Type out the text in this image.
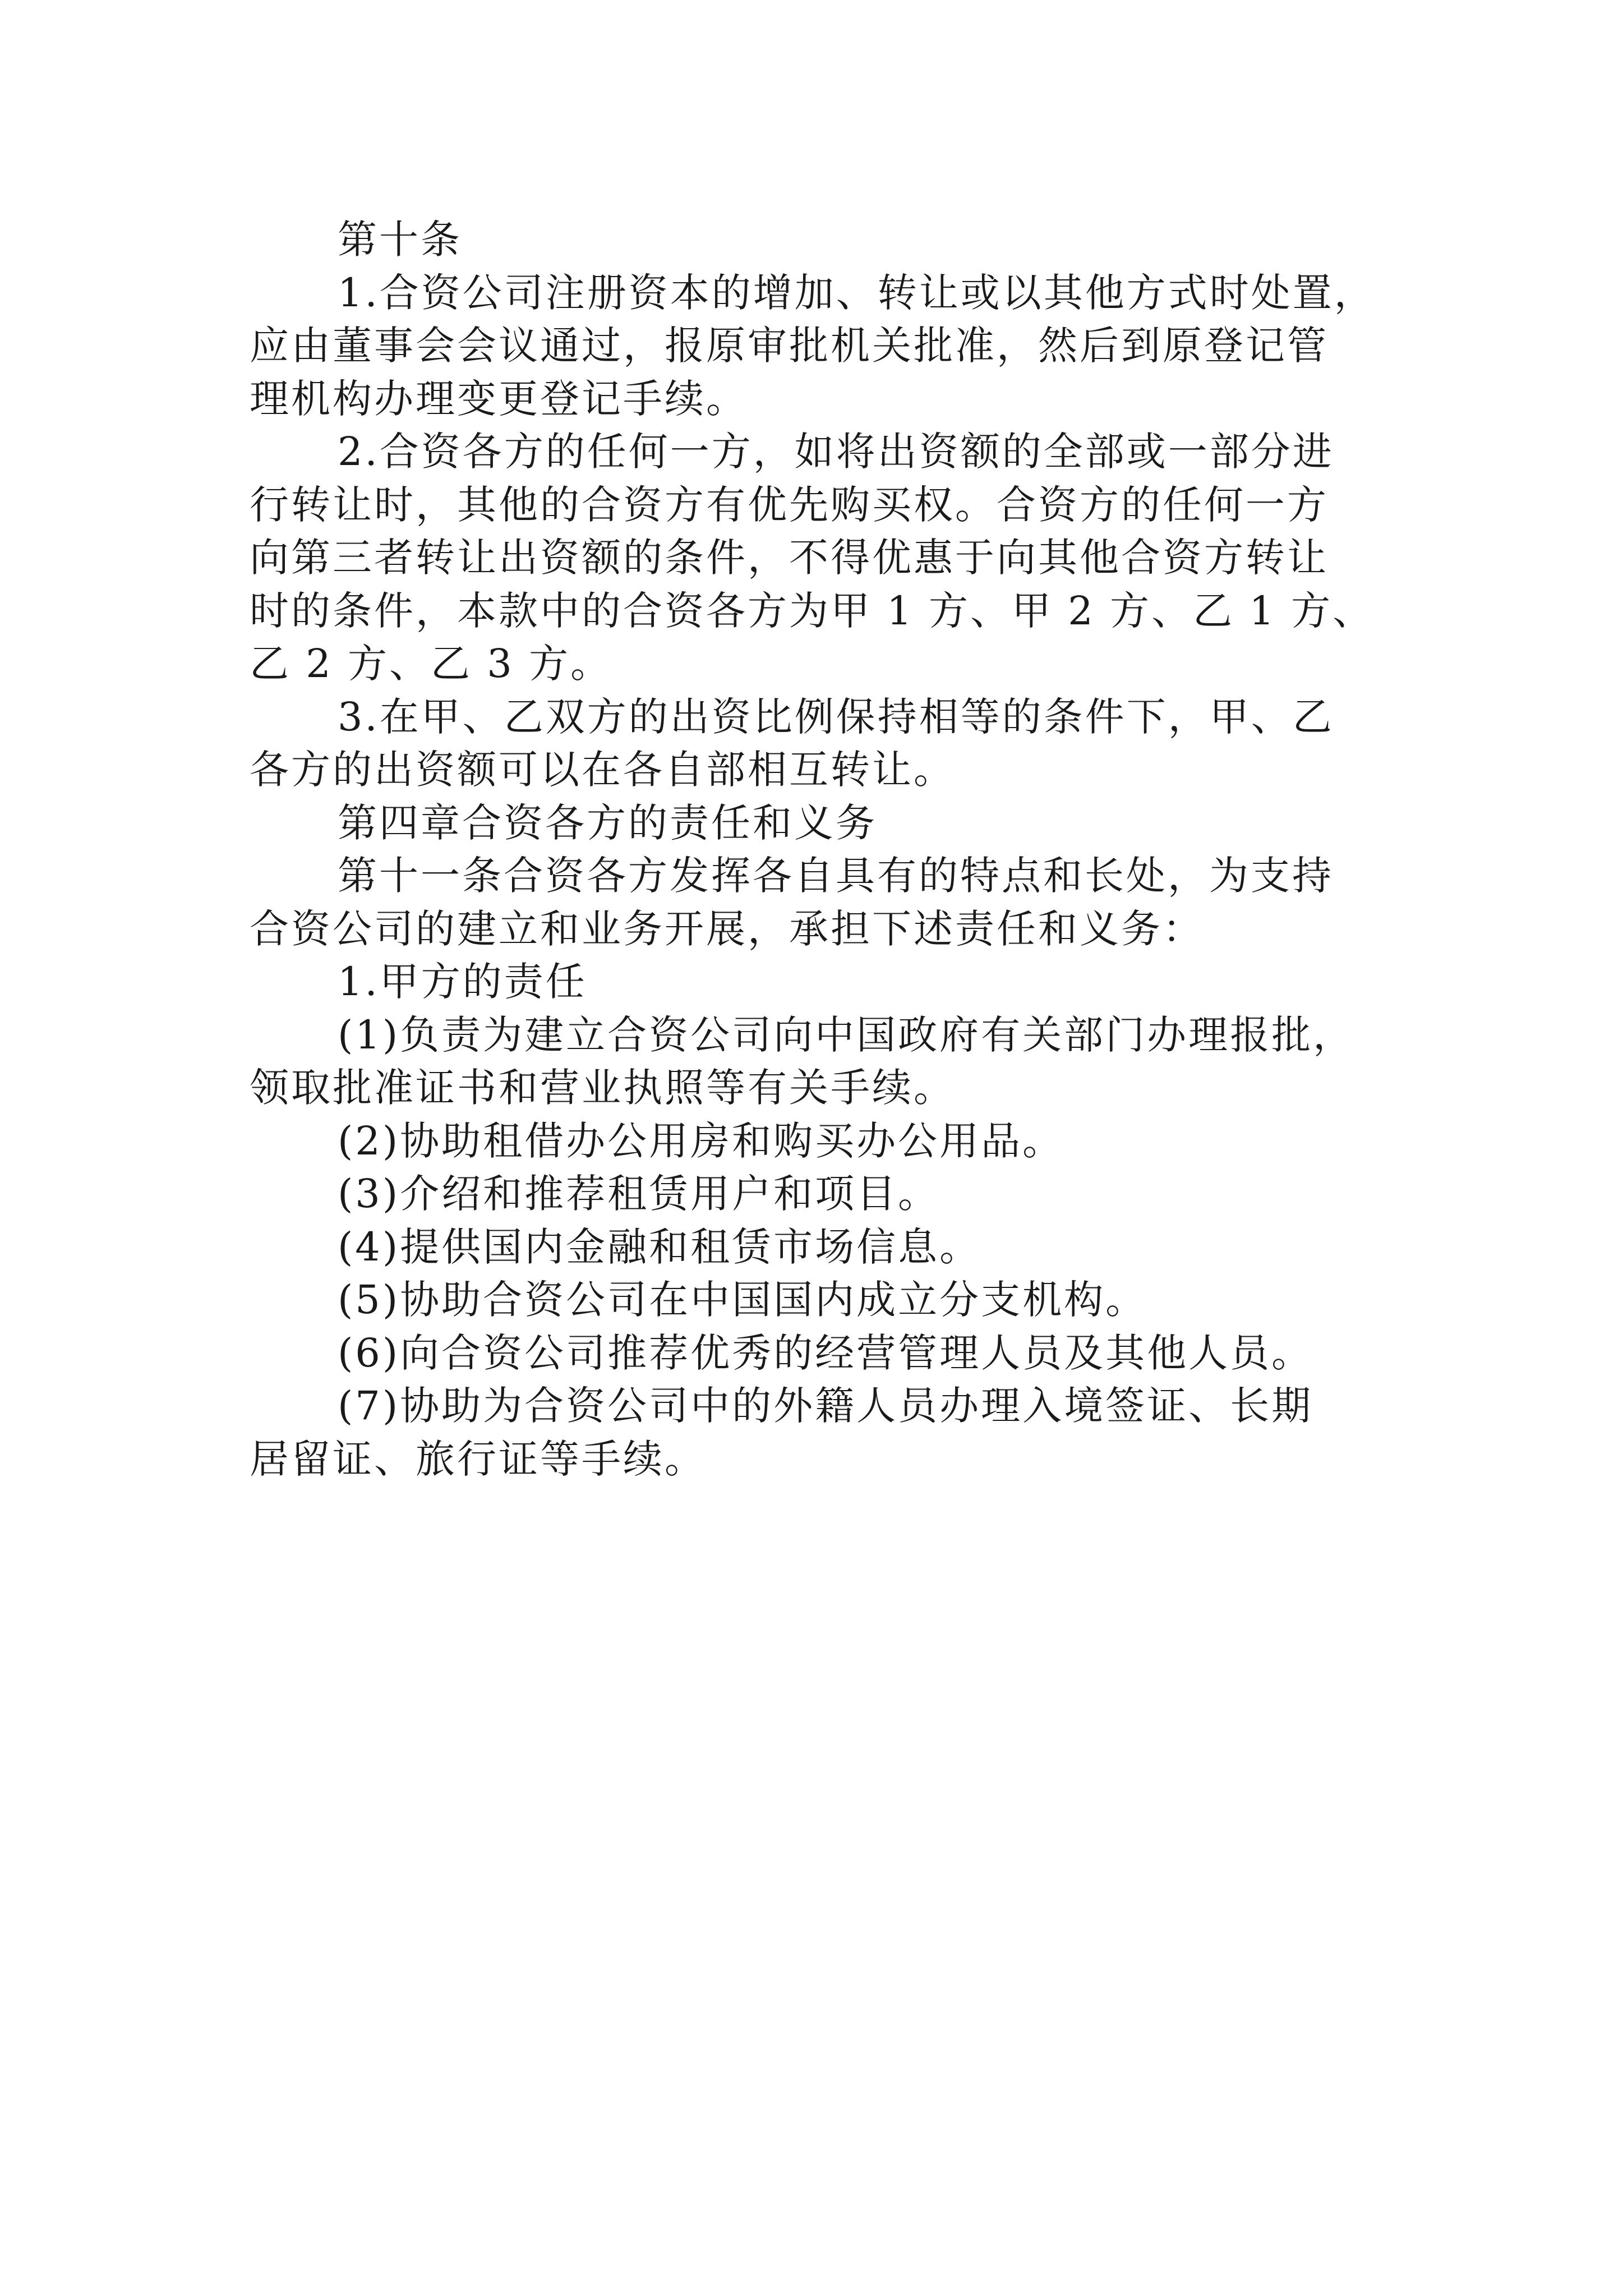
第十条

1.合资公司注册资本的增加、转让或以其他方式时处置，

应由董事会会议通过，报原审批机关批准，然后到原登记管

理机构办理变更登记手续。

2.合资各方的任何一方，如将出资额的全部或一部分进

行转让时，其他的合资方有优先购买权。合资方的任何一方

向第三者转让出资额的条件，不得优惠于向其他合资方转让

时的条件，本款中的合资各方为甲 1 方、甲 2 方、乙 1 方、

乙 2 方、乙 3 方。

3.在甲、乙双方的出资比例保持相等的条件下，甲、乙

各方的出资额可以在各自部相互转让。

第四章合资各方的责任和义务

第十一条合资各方发挥各自具有的特点和长处，为支持

合资公司的建立和业务开展，承担下述责任和义务：

1.甲方的责任

(1)负责为建立合资公司向中国政府有关部门办理报批，

领取批准证书和营业执照等有关手续。

(2)协助租借办公用房和购买办公用品。

(3)介绍和推荐租赁用户和项目。

(4)提供国内金融和租赁市场信息。

(5)协助合资公司在中国国内成立分支机构。

(6)向合资公司推荐优秀的经营管理人员及其他人员。

(7)协助为合资公司中的外籍人员办理入境签证、长期

居留证、旅行证等手续。
